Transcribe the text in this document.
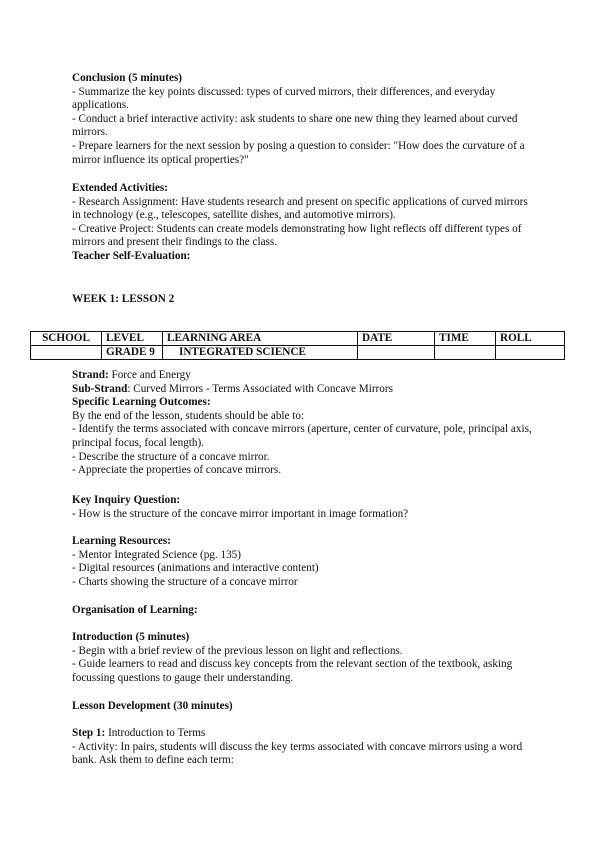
Conclusion (5 minutes)
- Summarize the key points discussed: types of curved mirrors, their differences, and everyday applications.
- Conduct a brief interactive activity: ask students to share one new thing they learned about curved mirrors.
- Prepare learners for the next session by posing a question to consider: "How does the curvature of a mirror influence its optical properties?"
Extended Activities:
- Research Assignment: Have students research and present on specific applications of curved mirrors in technology (e.g., telescopes, satellite dishes, and automotive mirrors).
- Creative Project: Students can create models demonstrating how light reflects off different types of mirrors and present their findings to the class.
Teacher Self-Evaluation:
WEEK 1: LESSON 2
SCHOOL	LEVEL	LEARNING AREA	DATE	TIME	ROLL
	GRADE 9	INTEGRATED SCIENCE			
Strand: Force and Energy
Sub-Strand: Curved Mirrors - Terms Associated with Concave Mirrors
Specific Learning Outcomes:
By the end of the lesson, students should be able to:
- Identify the terms associated with concave mirrors (aperture, center of curvature, pole, principal axis, principal focus, focal length).
- Describe the structure of a concave mirror.
- Appreciate the properties of concave mirrors.
Key Inquiry Question:
- How is the structure of the concave mirror important in image formation?
Learning Resources:
- Mentor Integrated Science (pg. 135)
- Digital resources (animations and interactive content)
- Charts showing the structure of a concave mirror
Organisation of Learning:
Introduction (5 minutes)
- Begin with a brief review of the previous lesson on light and reflections.
- Guide learners to read and discuss key concepts from the relevant section of the textbook, asking focussing questions to gauge their understanding.
Lesson Development (30 minutes)
Step 1: Introduction to Terms
- Activity: In pairs, students will discuss the key terms associated with concave mirrors using a word bank. Ask them to define each term:
